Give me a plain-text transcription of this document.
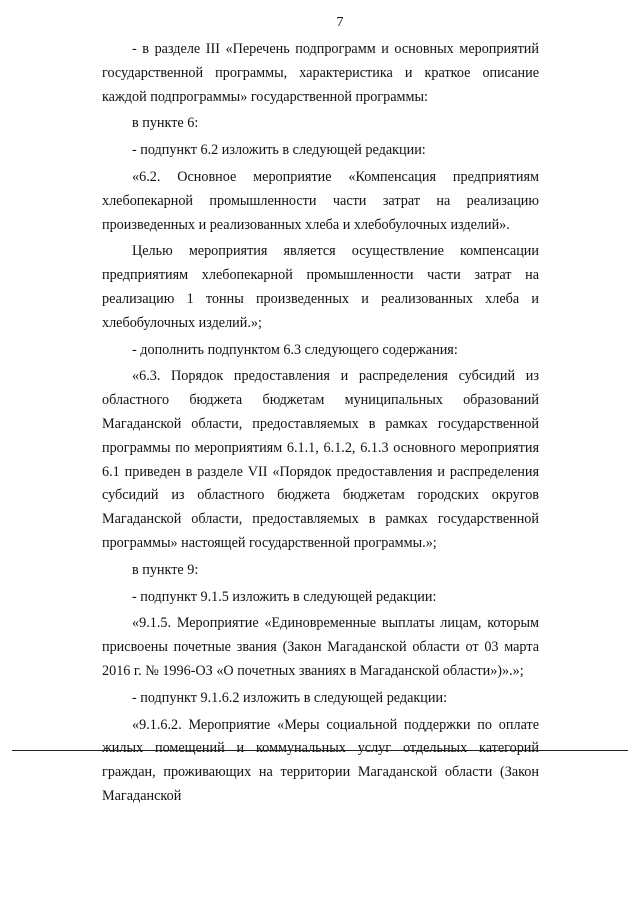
7

- в разделе III «Перечень подпрограмм и основных мероприятий государственной программы, характеристика и краткое описание каждой подпрограммы» государственной программы:

в пункте 6:

- подпункт 6.2 изложить в следующей редакции:

«6.2. Основное мероприятие «Компенсация предприятиям хлебопекарной промышленности части затрат на реализацию произведенных и реализованных хлеба и хлебобулочных изделий».

Целью мероприятия является осуществление компенсации предприятиям хлебопекарной промышленности части затрат на реализацию 1 тонны произведенных и реализованных хлеба и хлебобулочных изделий.»;

- дополнить подпунктом 6.3 следующего содержания:

«6.3. Порядок предоставления и распределения субсидий из областного бюджета бюджетам муниципальных образований Магаданской области, предоставляемых в рамках государственной программы по мероприятиям 6.1.1, 6.1.2, 6.1.3 основного мероприятия 6.1 приведен в разделе VII «Порядок предоставления и распределения субсидий из областного бюджета бюджетам городских округов Магаданской области, предоставляемых в рамках государственной программы» настоящей государственной программы.»;

в пункте 9:

- подпункт 9.1.5 изложить в следующей редакции:

«9.1.5. Мероприятие «Единовременные выплаты лицам, которым присвоены почетные звания (Закон Магаданской области от 03 марта 2016 г. № 1996-ОЗ «О почетных званиях в Магаданской области»)».»;

- подпункт 9.1.6.2 изложить в следующей редакции:

«9.1.6.2. Мероприятие «Меры социальной поддержки по оплате жилых помещений и коммунальных услуг отдельных категорий граждан, проживающих на территории Магаданской области (Закон Магаданской
